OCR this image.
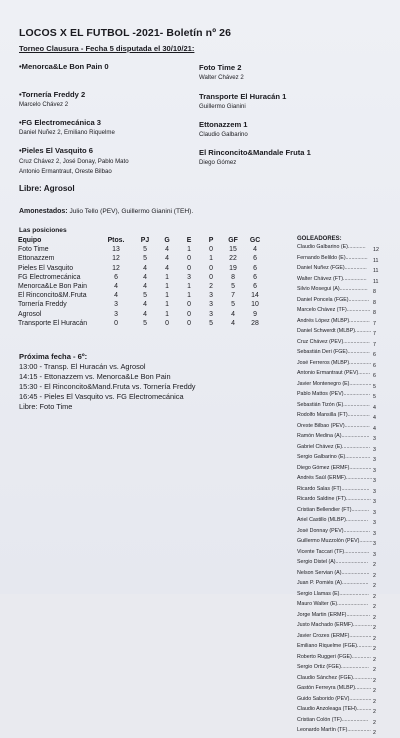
LOCOS X EL FUTBOL -2021- Boletín nº 26
Torneo Clausura - Fecha 5 disputada el 30/10/21:
•Menorca&Le Bon Pain 0	Foto Time 2
Walter Chávez 2
•Tornería Freddy 2
Marcelo Chávez 2
Transporte El Huracán 1
Guillermo Gianini
•FG Electromecánica 3
Daniel Nuñez 2, Emiliano Riquelme
Ettonazzem 1
Claudio Galbarino
•Pieles El Vasquito 6
Cruz Chávez 2, José Donay, Pablo Mato
Antonio Ermantraut, Oreste Bilbao
El Rinconcito&Mandale Fruta 1
Diego Gómez
Libre: Agrosol
Amonestados: Julio Tello (PEV), Guillermo Gianini (TEH).
Las posiciones
Equipo	Ptos.	PJ	G	E	P	GF	GC
Foto Time	13	5	4	1	0	15	4
Ettonazzem	12	5	4	0	1	22	6
Pieles El Vasquito	12	4	4	0	0	19	6
FG Electromecánica	6	4	1	3	0	8	6
Menorca&Le Bon Pain	4	4	1	1	2	5	6
El Rinconcito&M.Fruta	4	5	1	1	3	7	14
Tornería Freddy	3	4	1	0	3	5	10
Agrosol	3	4	1	0	3	4	9
Transporte El Huracán	0	5	0	0	5	4	28
Próxima fecha - 6º:
13:00 - Transp. El Huracán vs. Agrosol
14:15 - Ettonazzem vs. Menorca&Le Bon Pain
15:30 - El Rinconcito&Mand.Fruta vs. Tornería Freddy
16:45 - Pieles El Vasquito vs. FG Electromecánica
Libre: Foto Time
GOLEADORES:
Claudio Galbarino (E)............12
Fernando Belildo (E)...............11
Daniel Nuñez (FGE)...............11
Walter Chávez (FT)................11
Silvio Mosegui (A)...................8
Daniel Poncela (FGE)..............8
Marcelo Chávez (TF)................8
Andrés López (MLBP)..............7
Daniel Schwerdt (MLBP)...........7
Cruz Chávez (PEV)..................7
Sebastián Deri (FGE)...............6
José Ferreros (MLBP)...............6
Antonio Ermantraut (PEV)........6
Javier Montenegro (E)...............5
Pablo Mattos (PEV)..................5
Sebastián Tizón (E)..................4
Rodolfo Mansilla (FT)...............4
Oreste Bilbao (PEV).................4
Ramón Medina (A)...................3
Gabriel Chávez (E)...................3
Sergio Galbarino (E).................3
Diego Gómez (ERMF)...............3
Andrés Saúl (ERMF)..................3
Ricardo Salas (FT)...................3
Ricardo Saldine (FT).................3
Cristian Bellendier (FT)............3
Ariel Castillo (MLBP)...............3
José Donnay (PEV)..................3
Guillermo Muzzolón (PEV).........3
Vicente Taccari (TF).................3
Sergio Distel (A)......................2
Nelson Servian (A)...................2
Juan P. Pomiés (A)..................2
Sergio Llamas (E)....................2
Mauro Walter (E).....................2
Jorge Martin (ERMF)................2
Justo Machado (ERMF).............2
Javier Crozes (ERMF)...............2
Emiliano Riquelme (FGE)..........2
Roberto Ruggeri (FGE).............2
Sergio Ortiz (FGE)...................2
Claudio Sánchez (FGE).............2
Gastón Ferreyra (MLBP)...........2
Guido Saborido (PEV)...............2
Claudio Anzoleaga (TEH)..........2
Cristian Colón (TF)..................2
Leonardo Martín (TF)................2
